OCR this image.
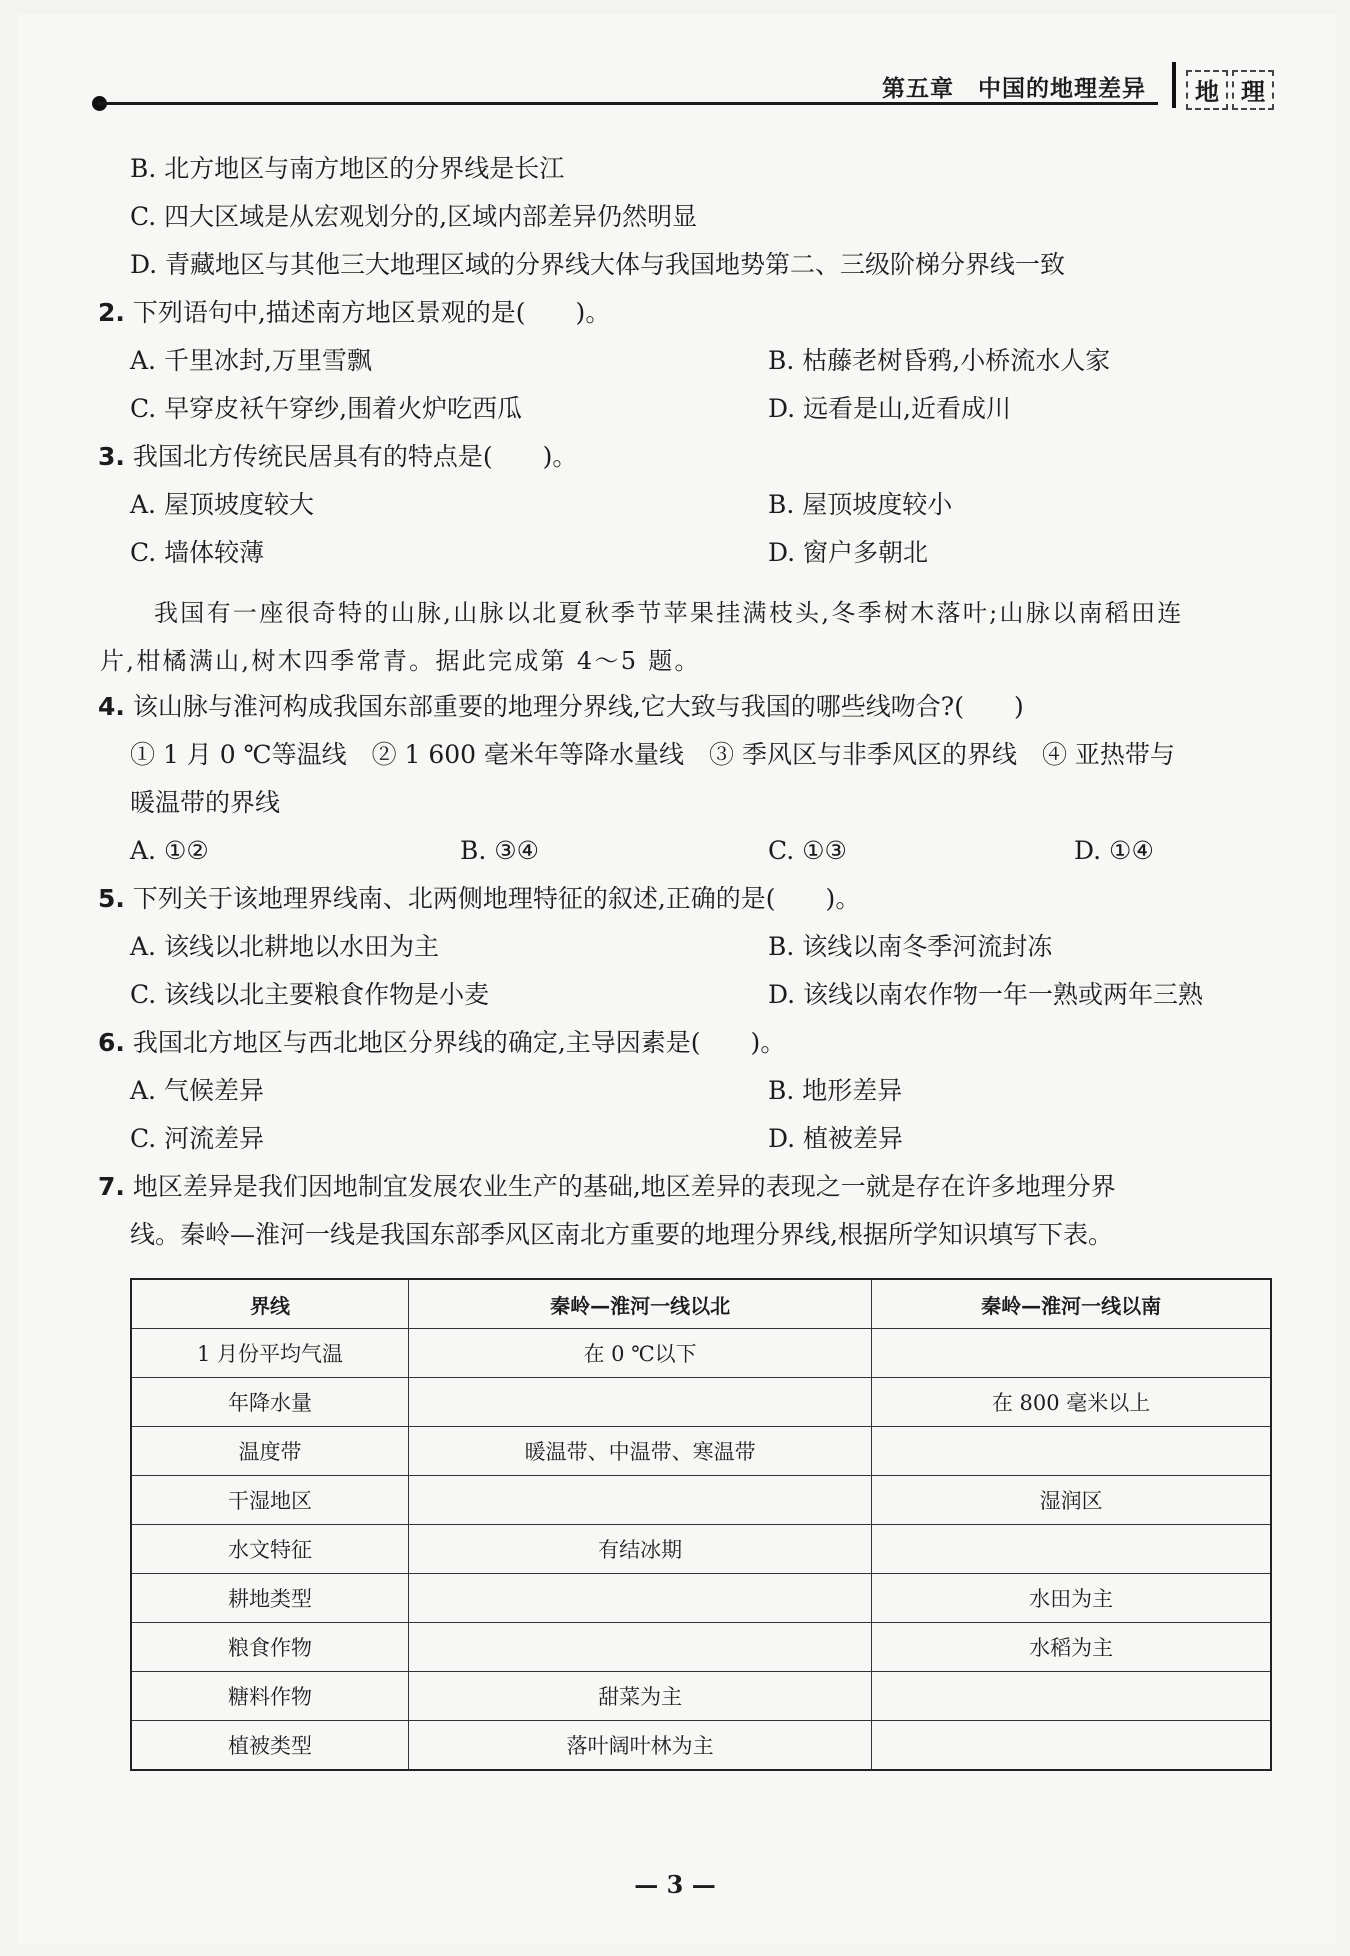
第五章　中国的地理差异	地 理
B. 北方地区与南方地区的分界线是长江
C. 四大区域是从宏观划分的,区域内部差异仍然明显
D. 青藏地区与其他三大地理区域的分界线大体与我国地势第二、三级阶梯分界线一致
2. 下列语句中,描述南方地区景观的是(　　)。
A. 千里冰封,万里雪飘	B. 枯藤老树昏鸦,小桥流水人家
C. 早穿皮袄午穿纱,围着火炉吃西瓜	D. 远看是山,近看成川
3. 我国北方传统民居具有的特点是(　　)。
A. 屋顶坡度较大	B. 屋顶坡度较小
C. 墙体较薄	D. 窗户多朝北
我国有一座很奇特的山脉,山脉以北夏秋季节苹果挂满枝头,冬季树木落叶;山脉以南稻田连
片,柑橘满山,树木四季常青。据此完成第 4～5 题。
4. 该山脉与淮河构成我国东部重要的地理分界线,它大致与我国的哪些线吻合?(　　)
① 1 月 0 ℃等温线　② 1 600 毫米年等降水量线　③ 季风区与非季风区的界线　④ 亚热带与
暖温带的界线
A. ①②	B. ③④	C. ①③	D. ①④
5. 下列关于该地理界线南、北两侧地理特征的叙述,正确的是(　　)。
A. 该线以北耕地以水田为主	B. 该线以南冬季河流封冻
C. 该线以北主要粮食作物是小麦	D. 该线以南农作物一年一熟或两年三熟
6. 我国北方地区与西北地区分界线的确定,主导因素是(　　)。
A. 气候差异	B. 地形差异
C. 河流差异	D. 植被差异
7. 地区差异是我们因地制宜发展农业生产的基础,地区差异的表现之一就是存在许多地理分界
线。秦岭—淮河一线是我国东部季风区南北方重要的地理分界线,根据所学知识填写下表。
界线	秦岭—淮河一线以北	秦岭—淮河一线以南
1 月份平均气温	在 0 ℃以下	
年降水量		在 800 毫米以上
温度带	暖温带、中温带、寒温带	
干湿地区		湿润区
水文特征	有结冰期	
耕地类型		水田为主
粮食作物		水稻为主
糖料作物	甜菜为主	
植被类型	落叶阔叶林为主	
— 3 —
